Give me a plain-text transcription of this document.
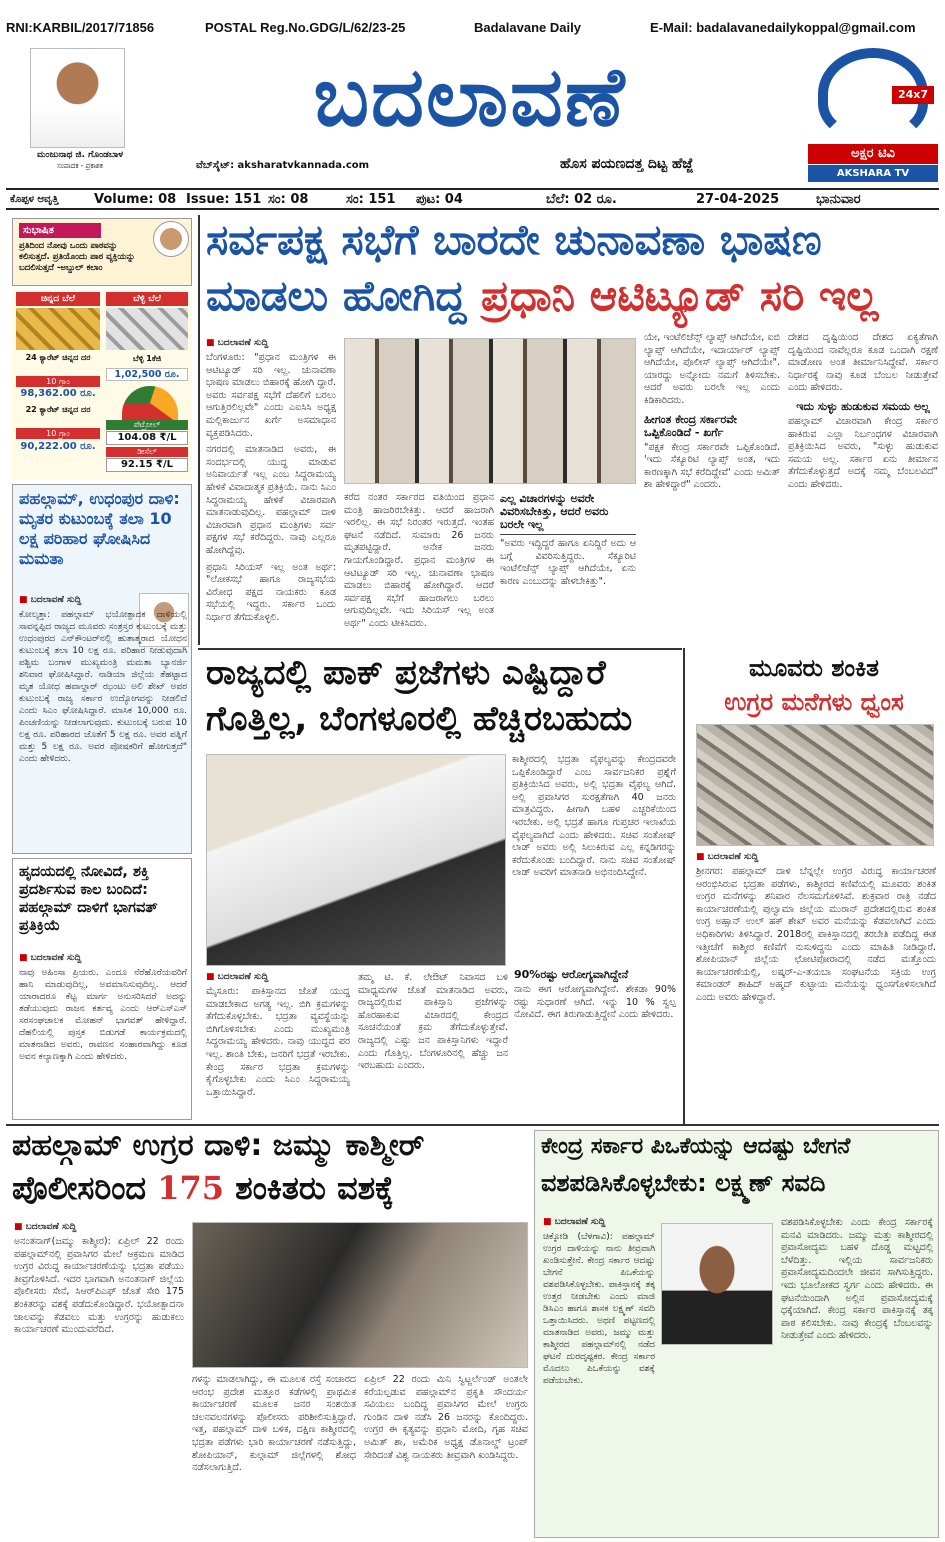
RNI:KARBIL/2017/71856	POSTAL Reg.No.GDG/L/62/23-25	Badalavane Daily	E-Mail: badalavanedailykoppal@gmail.com
ಮಂಜುನಾಥ ಜಿ. ಗೊಂಡಬಾಳ
ಸಂಪಾದಕ - ಪ್ರಕಾಶಕ
ಬದಲಾವಣೆ
ವೆಬ್‌ಸೈಟ್: aksharatvkannada.com	ಹೊಸ ಪಯಣದತ್ತ ದಿಟ್ಟ ಹೆಜ್ಜೆ
24x7
ಅಕ್ಷರ ಟಿವಿ
AKSHARA TV KANNADA
ಕೊಪ್ಪಳ ಆವೃತ್ತಿ	Volume: 08 Issue: 151 ಸಂ: 08	ಸಂ: 151 ಪುಟ: 04	ಬೆಲೆ: 02 ರೂ.	27-04-2025	ಭಾನುವಾರ
ಸುಭಾಷಿತ
ಪ್ರತಿದಿಂದ ನೋವು ಒಂದು ಪಾಠವನ್ನು ಕಲಿಸುತ್ತದೆ. ಪ್ರತಿಯೊಂದು ಪಾಠ ವ್ಯಕ್ತಿಯನ್ನು ಬದಲಿಸುತ್ತದೆ -ಅಬ್ದುಲ್ ಕಲಾಂ
ಚಿನ್ನದ ಬೆಲೆ	ಬೆಳ್ಳಿ ಬೆಲೆ
24 ಕ್ಯಾರೆಟ್ ಚಿನ್ನದ ದರ
10 ಗ್ರಾಂ
98,362.00 ರೂ.
ಬೆಳ್ಳಿ 1ಕೆಜಿ
1,02,500 ರೂ.
22 ಕ್ಯಾರೆಟ್ ಚಿನ್ನದ ದರ
10 ಗ್ರಾಂ
90,222.00 ರೂ.
ಪೆಟ್ರೋಲ್
104.08 ₹/L
ಡೀಸೆಲ್
92.15 ₹/L
ಸರ್ವಪಕ್ಷ ಸಭೆಗೆ ಬಾರದೇ ಚುನಾವಣಾ ಭಾಷಣ
ಮಾಡಲು ಹೋಗಿದ್ದ ಪ್ರಧಾನಿ ಆಟಿಟ್ಯೂಡ್ ಸರಿ ಇಲ್ಲ
■ ಬದಲಾವಣೆ ಸುದ್ದಿ

ಬೆಂಗಳೂರು: "ಪ್ರಧಾನ ಮಂತ್ರಿಗಳ ಈ ಆಟಿಟ್ಯೂಡ್ ಸರಿ ಇಲ್ಲ. ಚುನಾವಣಾ ಭಾಷಣ ಮಾಡಲು ಬಿಹಾರಕ್ಕೆ ಹೋಗಿ ದ್ದಾರೆ. ಅವರು ಸರ್ವಪಕ್ಷ ಸಭೆಗೆ ದೆಹಲಿಗೆ ಬರಲು ಆಗುತ್ತಿರಲಿಲ್ಲವೇ" ಎಂದು ಎಐಸಿಸಿ ಅಧ್ಯಕ್ಷ ಮಲ್ಲಿಕಾರ್ಜುನ ಖರ್ಗೆ ಅಸಮಾಧಾನ ವ್ಯಕ್ತಪಡಿಸಿದರು.

ನಗರದಲ್ಲಿ ಮಾತನಾಡಿದ ಅವರು, ಈ ಸಂದರ್ಭದಲ್ಲಿ ಯುದ್ಧ ಮಾಡುವ ಅನಿವಾರ್ಯತೆ ಇಲ್ಲ ಎಂಬ ಸಿದ್ದರಾಮಯ್ಯ ಹೇಳಿಕೆ ವಿವಾದಾತ್ಮಕ ಪ್ರತಿಕ್ರಿಯೆ. ನಾನು ಸಿಎಂ ಸಿದ್ದರಾಮಯ್ಯ ಹೇಳಿಕೆ ವಿಚಾರವಾಗಿ ಮಾತನಾಡುವುದಿಲ್ಲ. ಪಹಲ್ಗಾಮ್ ದಾಳಿ ವಿಚಾರವಾಗಿ ಪ್ರಧಾನ ಮಂತ್ರಿಗಳು ಸರ್ವ ಪಕ್ಷಗಳ ಸಭೆ ಕರೆದಿದ್ದರು. ನಾವು ಎಲ್ಲರೂ ಹೋಗಿದ್ದೆವು.

ಪ್ರಧಾನಿ ಸಿರಿಯಸ್ ಇಲ್ಲ ಅಂತ ಅರ್ಥ: "ಲೋಕಸಭೆ ಹಾಗೂ ರಾಜ್ಯಸಭೆಯ ವಿರೋಧ ಪಕ್ಷದ ನಾಯಕರು ಕೂಡ ಸಭೆಯಲ್ಲಿ ಇದ್ದರು. ಸರ್ಕಾರ ಒಂದು ನಿರ್ಧಾರ ತೆಗೆದುಕೊಳ್ಳಲಿ.

ಕರೆದ ನಂತರ ಸರ್ಕಾರದ ವತಿಯಿಂದ ಪ್ರಧಾನ ಮಂತ್ರಿ ಹಾಜರಿರಬೇಕಿತ್ತು. ಆದರೆ ಹಾಜರಾಗಿ ಇರಲಿಲ್ಲ. ಈ ಸಭೆ ನಿರಂತರ ಇರುತ್ತದೆ. ಇಂತಹ ಘಟನೆ ನಡೆದಿದೆ. ಸುಮಾರು 26 ಜನರು ಮೃತಪಟ್ಟಿದ್ದಾರೆ. ಅನೇಕ ಜನರು ಗಾಯಗೊಂಡಿದ್ದಾರೆ. ಪ್ರಧಾನ ಮಂತ್ರಿಗಳ ಈ ಆಟಿಟ್ಯೂಡ್ ಸರಿ ಇಲ್ಲ. ಚುನಾವಣಾ ಭಾಷಣ ಮಾಡಲು ಬಿಹಾರಕ್ಕೆ ಹೋಗಿದ್ದಾರೆ. ಆದರೆ ಸರ್ವಪಕ್ಷ ಸಭೆಗೆ ಹಾಜರಾಗಲು ಬರಲು ಆಗುವುದಿಲ್ಲವೇ. ಇದು ಸಿರಿಯಸ್ ಇಲ್ಲ ಅಂತ ಅರ್ಥ" ಎಂದು ಟೀಕಿಸಿದರು.
ಎಲ್ಲ ವಿಚಾರಗಳನ್ನು ಅವರೇ ವಿವರಿಸಬೇಕಿತ್ತು, ಆದರೆ ಅವರು ಬರಲೇ ಇಲ್ಲ
"ಅವರು ಇದ್ದಿದ್ದರೆ ಹಾಗೂ ಏನಿದ್ದಿರೆ ಅದು ಆ ಬಗ್ಗೆ ವಿವರಿಸುತ್ತಿದ್ದರು. ಸೆಕ್ಯೂರಿಟಿ ಇಂಟೆಲಿಜೆನ್ಸ್ ಲ್ಯಾಪ್ಸ್ ಆಗಿದೆಯೇ, ಏನು ಕಾರಣ ಎಂಬುದನ್ನು ಹೇಳಬೇಕಿತ್ತು".
ಯೇ, ಇಂಟೆಲಿಜೆನ್ಸ್ ಲ್ಯಾಪ್ಸ್ ಆಗಿದೆಯೇ, ಐಬಿ ಲ್ಯಾಪ್ಸ್ ಆಗಿದೆಯೇ, ಇದಾರ್ಯಾರ್ ಲ್ಯಾಪ್ಸ್ ಆಗಿದೆಯೇ, ಪೊಲೀಸ್ ಲ್ಯಾಪ್ಸ್ ಆಗಿದೆಯೇ". ಯಾರದ್ದು ಅನ್ನೋದು ನಮಗೆ ತಿಳಿಸಬೇಕು. ಆದರೆ ಅವರು ಬರಲೇ ಇಲ್ಲ ಎಂದು ಕಿಡಿಕಾರಿದರು.
ಹೀಗಂತ ಕೇಂದ್ರ ಸರ್ಕಾರವೇ ಒಪ್ಪಿಕೊಂಡಿದೆ - ಖರ್ಗೆ
"ಪಕ್ಷಕ ಕೇಂದ್ರ ಸರ್ಕಾರವೇ ಒಪ್ಪಿಕೊಂಡಿದೆ. 'ಇದು ಸೆಕ್ಯೂರಿಟಿ ಲ್ಯಾಪ್ಸ್ ಅಂತ, ಇದು ಕಾರಣಕ್ಕಾಗಿ ಸಭೆ ಕರೆದಿದ್ದೇವೆ' ಎಂದು ಅಮಿತ್ ಶಾ ಹೇಳಿದ್ದಾರೆ" ಎಂದರು.
ದೇಶದ ದೃಷ್ಟಿಯಿಂದ ದೇಶದ ಏಕ್ಯತೆಗಾಗಿ ದೃಷ್ಟಿಯಿಂದ ನಾವೆಲ್ಲರೂ ಕೂಡ ಒಂದಾಗಿ ರಕ್ಷಣೆ ಮಾಡೋಣ ಅಂತ ತೀರ್ಮಾನಿಸಿದ್ದೇವೆ. ಸರ್ಕಾರ ನಿರ್ಧಾರಕ್ಕೆ ನಾವು ಕೂಡ ಬೆಂಬಲ ನೀಡುತ್ತೇವೆ ಎಂದು ಹೇಳಿದರು.
ಇದು ಸುಳ್ಳು ಹುಡುಕುವ ಸಮಯ ಅಲ್ಲ
ಪಹಲ್ಗಾಮ್ ವಿಚಾರವಾಗಿ ಕೇಂದ್ರ ಸರ್ಕಾರ ಹಾಕಿರುವ ಎಲ್ಲಾ ನಿರ್ಬಂಧಗಳ ವಿಚಾರವಾಗಿ ಪ್ರತಿಕ್ರಿಯಿಸಿದ ಅವರು, "ಸುಳ್ಳು ಹುಡುಕುವ ಸಮಯ ಅಲ್ಲ. ಸರ್ಕಾರ ಏನು ತೀರ್ಮಾನ ತೆಗೆದುಕೊಳ್ಳುತ್ತದೆ ಅದಕ್ಕೆ ನಮ್ಮ ಬೆಂಬಲವಿದೆ" ಎಂದು ಹೇಳಿದರು.
ಪಹಲ್ಗಾಮ್, ಉಧಂಪುರ ದಾಳಿ: ಮೃತರ ಕುಟುಂಬಕ್ಕೆ ತಲಾ 10 ಲಕ್ಷ ಪರಿಹಾರ ಘೋಷಿಸಿದ ಮಮತಾ
■ ಬದಲಾವಣೆ ಸುದ್ದಿ
ಕೋಲ್ಕತ್ತಾ: ಪಹಲ್ಗಾಮ್ ಭಯೋತ್ಪಾದಕ ದಾಳಿಯಲ್ಲಿ ಸಾವನ್ನಪ್ಪಿದ ರಾಜ್ಯದ ಮೂವರು ಸಂತ್ರಸ್ತರ ಕುಟುಂಬಕ್ಕೆ ಮತ್ತು ಉಧಂಪುರದ ಎನ್‌ಕೌಂಟರ್‌ನಲ್ಲಿ ಹುತಾತ್ಮರಾದ ಯೋಧನ ಕುಟುಂಬಕ್ಕೆ ತಲಾ 10 ಲಕ್ಷ ರೂ. ಪರಿಹಾರ ನೀಡುವುದಾಗಿ ಪಶ್ಚಿಮ ಬಂಗಾಳ ಮುಖ್ಯಮಂತ್ರಿ ಮಮತಾ ಬ್ಯಾನರ್ಜಿ ಶನಿವಾರ ಘೋಷಿಸಿದ್ದಾರೆ. ನಾಡಿಯಾ ಜಿಲ್ಲೆಯ ತೆಹಟ್ಟಾದ ಮೃತ ಯೋಧ ಹವಾಲ್ದಾರ್ ಝಂಟು ಅಲಿ ಶೇಖ್ ಅವರ ಕುಟುಂಬಕ್ಕೆ ರಾಜ್ಯ ಸರ್ಕಾರ ಉದ್ಯೋಗವನ್ನು ನೀಡಲಿದೆ ಎಂದು ಸಿಎಂ ಘೋಷಿಸಿದ್ದಾರೆ. ಮಾಸಿಕ 10,000 ರೂ. ಪಿಂಚಣಿಯನ್ನು ನೀಡಲಾಗುವುದು. ಕುಟುಂಬಕ್ಕೆ ಬರುವ 10 ಲಕ್ಷ ರೂ. ಪರಿಹಾರದ ಜೊತೆಗೆ 5 ಲಕ್ಷ ರೂ. ಅವರ ಪತ್ನಿಗೆ ಮತ್ತು 5 ಲಕ್ಷ ರೂ. ಅವರ ಪೋಷಕರಿಗೆ ಹೋಗುತ್ತದೆ" ಎಂದು ಹೇಳಿದರು.
ಹೃದಯದಲ್ಲಿ ನೋವಿದೆ, ಶಕ್ತಿ ಪ್ರದರ್ಶಿಸುವ ಕಾಲ ಬಂದಿದೆ: ಪಹಲ್ಗಾಮ್ ದಾಳಿಗೆ ಭಾಗವತ್ ಪ್ರತಿಕ್ರಿಯೆ
■ ಬದಲಾವಣೆ ಸುದ್ದಿ
ನಾವು ಅಹಿಂಸಾ ಪ್ರಿಯರು. ಎಂದೂ ನೆರೆಹೊರೆಯವರಿಗೆ ಹಾನಿ ಮಾಡುವುದಿಲ್ಲ, ಅವಮಾನಿಸುವುದಿಲ್ಲ. ಆದರೆ ಯಾರಾದರೂ ಕೆಟ್ಟ ಮಾರ್ಗ ಅನುಸರಿಸಿದರೆ ಅದನ್ನು ತಡೆಯುವುದು ರಾಜನ ಕರ್ತವ್ಯ ಎಂದು ಆರ್‌ಎಸ್‌ಎಸ್ ಸರಸಂಘಚಾಲಕ ಮೋಹನ್ ಭಾಗವತ್ ಹೇಳಿದ್ದಾರೆ. ದೆಹಲಿಯಲ್ಲಿ ಪುಸ್ತಕ ಬಿಡುಗಡೆ ಕಾರ್ಯಕ್ರಮದಲ್ಲಿ ಮಾತನಾಡಿದ ಅವರು, ರಾವಣನ ಸಂಹಾರವಾಗಿದ್ದು ಕೂಡ ಅವನ ಕಲ್ಯಾಣಕ್ಕಾಗಿ ಎಂದು ಹೇಳಿದರು.
ರಾಜ್ಯದಲ್ಲಿ ಪಾಕ್ ಪ್ರಜೆಗಳು ಎಷ್ಟಿದ್ದಾರೆ
ಗೊತ್ತಿಲ್ಲ, ಬೆಂಗಳೂರಲ್ಲಿ ಹೆಚ್ಚಿರಬಹುದು
ಕಾಶ್ಮೀರದಲ್ಲಿ ಭದ್ರತಾ ವೈಫಲ್ಯವನ್ನು ಕೇಂದ್ರದವರೇ ಒಪ್ಪಿಕೊಂಡಿದ್ದಾರೆ ಎಂಬ ಸಾರ್ವಜನಿಕರ ಪ್ರಶ್ನೆಗೆ ಪ್ರತಿಕ್ರಿಯಿಸಿದ ಅವರು, ಅಲ್ಲಿ ಭದ್ರತಾ ವೈಫಲ್ಯ ಆಗಿದೆ. ಅಲ್ಲಿ ಪ್ರವಾಸಿಗರ ಸುರಕ್ಷತೆಗಾಗಿ 40 ಜನರು ಮಾತ್ರವಿದ್ದರು. ಹೀಗಾಗಿ ಬಹಳ ಎಚ್ಚರಿಕೆಯಿಂದ ಇರಬೇಕು. ಅಲ್ಲಿ ಭದ್ರತೆ ಹಾಗೂ ಗುಪ್ತಚರ ಇಲಾಖೆಯ ವೈಫಲ್ಯವಾಗಿದೆ ಎಂದು ಹೇಳಿದರು. ಸಚಿವ ಸಂತೋಷ್ ಲಾಡ್ ಅವರು ಅಲ್ಲಿ ಸಿಲುಕಿರುವ ಎಲ್ಲ ಕನ್ನಡಿಗರನ್ನು ಕರೆದುಕೊಂಡು ಬಂದಿದ್ದಾರೆ. ನಾನು ಸಚಿವ ಸಂತೋಷ್ ಲಾಡ್ ಅವರಿಗೆ ಮಾತನಾಡಿ ಅಭಿನಂದಿಸಿದ್ದೇನೆ.
■ ಬದಲಾವಣೆ ಸುದ್ದಿ
ಮೈಸೂರು: ಪಾಕಿಸ್ತಾನದ ಜೊತೆ ಯುದ್ಧ ಮಾಡಬೇಕಾದ ಅಗತ್ಯ ಇಲ್ಲ. ಬಿಗಿ ಕ್ರಮಗಳನ್ನು ತೆಗೆದುಕೊಳ್ಳಬೇಕು. ಭದ್ರತಾ ವ್ಯವಸ್ಥೆಯನ್ನು ಬಿಗಿಗೊಳಿಸಬೇಕು ಎಂದು ಮುಖ್ಯಮಂತ್ರಿ ಸಿದ್ದರಾಮಯ್ಯ ಹೇಳಿದರು. ನಾವು ಯುದ್ಧದ ಪರ ಇಲ್ಲ. ಶಾಂತಿ ಬೇಕು, ಜನರಿಗೆ ಭದ್ರತೆ ಇರಬೇಕು. ಕೇಂದ್ರ ಸರ್ಕಾರ ಭದ್ರತಾ ಕ್ರಮಗಳನ್ನು ಕೈಗೊಳ್ಳಬೇಕು ಎಂದು ಸಿಎಂ ಸಿದ್ದರಾಮಯ್ಯ ಒತ್ತಾಯಿಸಿದ್ದಾರೆ.
ತಮ್ಮ ಟಿ. ಕೆ. ಲೇಔಟ್ ನಿವಾಸದ ಬಳಿ ಮಾಧ್ಯಮಗಳ ಜೊತೆ ಮಾತನಾಡಿದ ಅವರು, ರಾಜ್ಯದಲ್ಲಿರುವ ಪಾಕಿಸ್ತಾನಿ ಪ್ರಜೆಗಳನ್ನು ಹೊರಹಾಕುವ ವಿಚಾರದಲ್ಲಿ ಕೇಂದ್ರದ ಸೂಚನೆಯಂತೆ ಕ್ರಮ ತೆಗೆದುಕೊಳ್ಳುತ್ತೇವೆ. ರಾಜ್ಯದಲ್ಲಿ ಎಷ್ಟು ಜನ ಪಾಕಿಸ್ತಾನಿಗಳು ಇದ್ದಾರೆ ಎಂದು ಗೊತ್ತಿಲ್ಲ. ಬೆಂಗಳೂರಿನಲ್ಲಿ ಹೆಚ್ಚು ಜನ ಇರಬಹುದು ಎಂದರು.
90%ರಷ್ಟು ಆರೋಗ್ಯವಾಗಿದ್ದೇನೆ
ನಾನು ಈಗ ಆರೋಗ್ಯವಾಗಿದ್ದೇನೆ. ಶೇಕಡಾ 90% ರಷ್ಟು ಸುಧಾರಣೆ ಆಗಿದೆ. ಇನ್ನು 10 % ಸ್ವಲ್ಪ ನೋವಿದೆ. ಈಗ ತಿರುಗಾಡುತ್ತಿದ್ದೇನೆ ಎಂದು ಹೇಳಿದರು.
ಮೂವರು ಶಂಕಿತ
ಉಗ್ರರ ಮನೆಗಳು ಧ್ವಂಸ
■ ಬದಲಾವಣೆ ಸುದ್ದಿ
ಶ್ರೀನಗರ: ಪಹಲ್ಗಾಮ್ ದಾಳಿ ಬೆನ್ನಲ್ಲೇ ಉಗ್ರರ ವಿರುದ್ಧ ಕಾರ್ಯಾಚರಣೆ ಆರಂಭಿಸಿರುವ ಭದ್ರತಾ ಪಡೆಗಳು, ಕಾಶ್ಮೀರದ ಕಣಿವೆಯಲ್ಲಿ ಮೂವರು ಶಂಕಿತ ಉಗ್ರರ ಮನೆಗಳನ್ನು ಶನಿವಾರ ನೆಲಸಮಗೊಳಿಸಿವೆ. ಶುಕ್ರವಾರ ರಾತ್ರಿ ನಡೆದ ಕಾರ್ಯಾಚರಣೆಯಲ್ಲಿ ಪುಲ್ವಾಮಾ ಜಿಲ್ಲೆಯ ಮುರಾನ್ ಪ್ರದೇಶದಲ್ಲಿರುವ ಶಂಕಿತ ಉಗ್ರ ಅಹ್ಸಾನ್ ಉಲ್ ಹಕ್ ಶೇಖ್ ಅವರ ಮನೆಯನ್ನು ಕೆಡವಲಾಗಿದೆ ಎಂದು ಅಧಿಕಾರಿಗಳು ತಿಳಿಸಿದ್ದಾರೆ. 2018ರಲ್ಲಿ ಪಾಕಿಸ್ತಾನದಲ್ಲಿ ತರಬೇತಿ ಪಡೆದಿದ್ದ ಈತ ಇತ್ತೀಚೆಗೆ ಕಾಶ್ಮೀರ ಕಣಿವೆಗೆ ನುಸುಳಿದ್ದನು ಎಂದು ಮಾಹಿತಿ ನೀಡಿದ್ದಾರೆ. ಶೋಪಿಯಾನ್ ಜಿಲ್ಲೆಯ ಛೋಟಿಪೋರಾದಲ್ಲಿ ನಡೆದ ಮತ್ತೊಂದು ಕಾರ್ಯಾಚರಣೆಯಲ್ಲಿ, ಲಷ್ಕರ್-ಎ-ತಯಬಾ ಸಂಘಟನೆಯ ಸಕ್ರಿಯ ಉಗ್ರ ಕಮಾಂಡರ್ ಶಾಹಿದ್ ಅಹ್ಮದ್ ಕುಟ್ಟಾಯ ಮನೆಯನ್ನು ಧ್ವಂಸಗೊಳಿಸಲಾಗಿದೆ ಎಂದು ಅವರು ಹೇಳಿದ್ದಾರೆ.
ಪಹಲ್ಗಾಮ್ ಉಗ್ರರ ದಾಳಿ: ಜಮ್ಮು ಕಾಶ್ಮೀರ್
ಪೊಲೀಸರಿಂದ 175 ಶಂಕಿತರು ವಶಕ್ಕೆ
■ ಬದಲಾವಣೆ ಸುದ್ದಿ
ಅನಂತನಾಗ್(ಜಮ್ಮು ಕಾಶ್ಮೀರ): ಏಪ್ರಿಲ್ 22 ರಂದು ಪಹಲ್ಗಾಮ್‌ನಲ್ಲಿ ಪ್ರವಾಸಿಗರ ಮೇಲೆ ಆಕ್ರಮಣ ಮಾಡಿದ ಉಗ್ರರ ವಿರುದ್ಧ ಕಾರ್ಯಾಚರಣೆಯನ್ನು ಭದ್ರತಾ ಪಡೆಯು ತೀವ್ರಗೊಳಿಸಿದೆ. ಇದರ ಭಾಗವಾಗಿ ಅನಂತನಾಗ್ ಜಿಲ್ಲೆಯ ಪೊಲೀಸರು ಸೇನೆ, ಸಿಆರ್‌ಪಿಎಫ್ ಜೊತೆ ಸೇರಿ 175 ಶಂಕಿತರನ್ನು ವಶಕ್ಕೆ ಪಡೆದುಕೊಂಡಿದ್ದಾರೆ. ಭಯೋತ್ಪಾದನಾ ಜಾಲವನ್ನು ಕೆಡವಲು ಮತ್ತು ಉಗ್ರರನ್ನು ಹುಡುಕಲು ಕಾರ್ಯಾಚರಣೆ ಮುಂದುವರೆದಿದೆ.
ಗಳನ್ನು ಮಾಡಲಾಗಿದ್ದು, ಈ ಮೂಲಕ ರಸ್ತೆ ಸಂಚಾರದ ಆರಂಭ ಪ್ರದೇಶ ಮತ್ತೂರ ಕಡೆಗಳಲ್ಲಿ ಪ್ರಾಥಮಿಕ ಕಾರ್ಯಾಚರಣೆ ಮೂಲಕ ಜನರ ಸಂಶಯಿತ ಚಲನವಲನಗಳನ್ನು ಪೊಲೀಸರು ಪರಿಶೀಲಿಸುತ್ತಿದ್ದಾರೆ. ಇತ್ತ, ಪಹಲ್ಗಾಮ್ ದಾಳಿ ಬಳಿಕ, ದಕ್ಷಿಣ ಕಾಶ್ಮೀರದಲ್ಲಿ ಭದ್ರತಾ ಪಡೆಗಳು ಭಾರಿ ಕಾರ್ಯಾಚರಣೆ ನಡೆಸುತ್ತಿದ್ದು, ಶೋಪಿಯಾನ್, ಕುಲ್ಗಾಮ್ ಜಿಲ್ಲೆಗಳಲ್ಲಿ ಶೋಧ ನಡೆಸಲಾಗುತ್ತಿದೆ.
ಏಪ್ರಿಲ್ 22 ರಂದು ಮಿನಿ ಸ್ವಿಟ್ಜರ್ಲೆಂಡ್ ಅಂತಲೇ ಕರೆಯಲ್ಪಡುವ ಪಹಲ್ಗಾಮ್‌ನ ಪ್ರಕೃತಿ ಸೌಂದರ್ಯ ಸವಿಯಲು ಬಂದಿದ್ದ ಪ್ರವಾಸಿಗರ ಮೇಲೆ ಉಗ್ರರು ಗುಂಡಿನ ದಾಳಿ ನಡೆಸಿ 26 ಜನರನ್ನು ಕೊಂದಿದ್ದರು. ಉಗ್ರರ ಈ ಕೃತ್ಯವನ್ನು ಪ್ರಧಾನಿ ಮೋದಿ, ಗೃಹ ಸಚಿವ ಅಮಿತ್ ಶಾ, ಅಮೆರಿಕ ಅಧ್ಯಕ್ಷ ಡೊನಾಲ್ಡ್ ಟ್ರಂಪ್ ಸೇರಿದಂತೆ ವಿಶ್ವ ನಾಯಕರು ತೀವ್ರವಾಗಿ ಖಂಡಿಸಿದ್ದರು.
ಕೇಂದ್ರ ಸರ್ಕಾರ ಪಿಒಕೆಯನ್ನು ಆದಷ್ಟು ಬೇಗನೆ
ವಶಪಡಿಸಿಕೊಳ್ಳಬೇಕು: ಲಕ್ಷ್ಮಣ್ ಸವದಿ
■ ಬದಲಾವಣೆ ಸುದ್ದಿ
ಚಿಕ್ಕೋಡಿ (ಬೆಳಗಾವಿ): ಪಹಲ್ಗಾಮ್ ಉಗ್ರರ ದಾಳಿಯನ್ನು ನಾನು ತೀವ್ರವಾಗಿ ಖಂಡಿಸುತ್ತೇನೆ. ಕೇಂದ್ರ ಸರ್ಕಾರ ಆದಷ್ಟು ಬೇಗನೆ ಪಿಒಕೆಯನ್ನು ವಶಪಡಿಸಿಕೊಳ್ಳಬೇಕು. ಪಾಕಿಸ್ತಾನಕ್ಕೆ ತಕ್ಕ ಉತ್ತರ ನೀಡಬೇಕು ಎಂದು ಮಾಜಿ ಡಿಸಿಎಂ ಹಾಗೂ ಶಾಸಕ ಲಕ್ಷ್ಮಣ್ ಸವದಿ ಒತ್ತಾಯಿಸಿದರು. ಅಥಣಿ ಪಟ್ಟಣದಲ್ಲಿ ಮಾತನಾಡಿದ ಅವರು, ಜಮ್ಮು ಮತ್ತು ಕಾಶ್ಮೀರದ ಪಹಲ್ಗಾಮ್‌ನಲ್ಲಿ ನಡೆದ ಘಟನೆ ದುರದೃಷ್ಟಕರ. ಕೇಂದ್ರ ಸರ್ಕಾರ ಮೊದಲು ಪಿಒಕೆಯನ್ನು ವಶಕ್ಕೆ ಪಡೆಯಬೇಕು.
ವಶಪಡಿಸಿಕೊಳ್ಳಬೇಕು ಎಂದು ಕೇಂದ್ರ ಸರ್ಕಾರಕ್ಕೆ ಮನವಿ ಮಾಡಿದರು. ಜಮ್ಮು ಮತ್ತು ಕಾಶ್ಮೀರದಲ್ಲಿ ಪ್ರವಾಸೋದ್ಯಮ ಬಹಳ ದೊಡ್ಡ ಮಟ್ಟದಲ್ಲಿ ಬೆಳೆದಿತ್ತು. ಇಲ್ಲಿಯ ಸಾರ್ವಜನಿಕರು ಪ್ರವಾಸೋದ್ಯಮದಿಂದಲೇ ಜೀವನ ಸಾಗಿಸುತ್ತಿದ್ದರು. ಇದು ಭೂಲೋಕದ ಸ್ವರ್ಗ ಎಂದು ಹೇಳಿದರು. ಈ ಘಟನೆಯಿಂದಾಗಿ ಅಲ್ಲಿನ ಪ್ರವಾಸೋದ್ಯಮಕ್ಕೆ ಧಕ್ಕೆಯಾಗಿದೆ. ಕೇಂದ್ರ ಸರ್ಕಾರ ಪಾಕಿಸ್ತಾನಕ್ಕೆ ತಕ್ಕ ಪಾಠ ಕಲಿಸಬೇಕು. ನಾವು ಕೇಂದ್ರಕ್ಕೆ ಬೆಂಬಲವನ್ನು ನೀಡುತ್ತೇವೆ ಎಂದು ಹೇಳಿದರು.
